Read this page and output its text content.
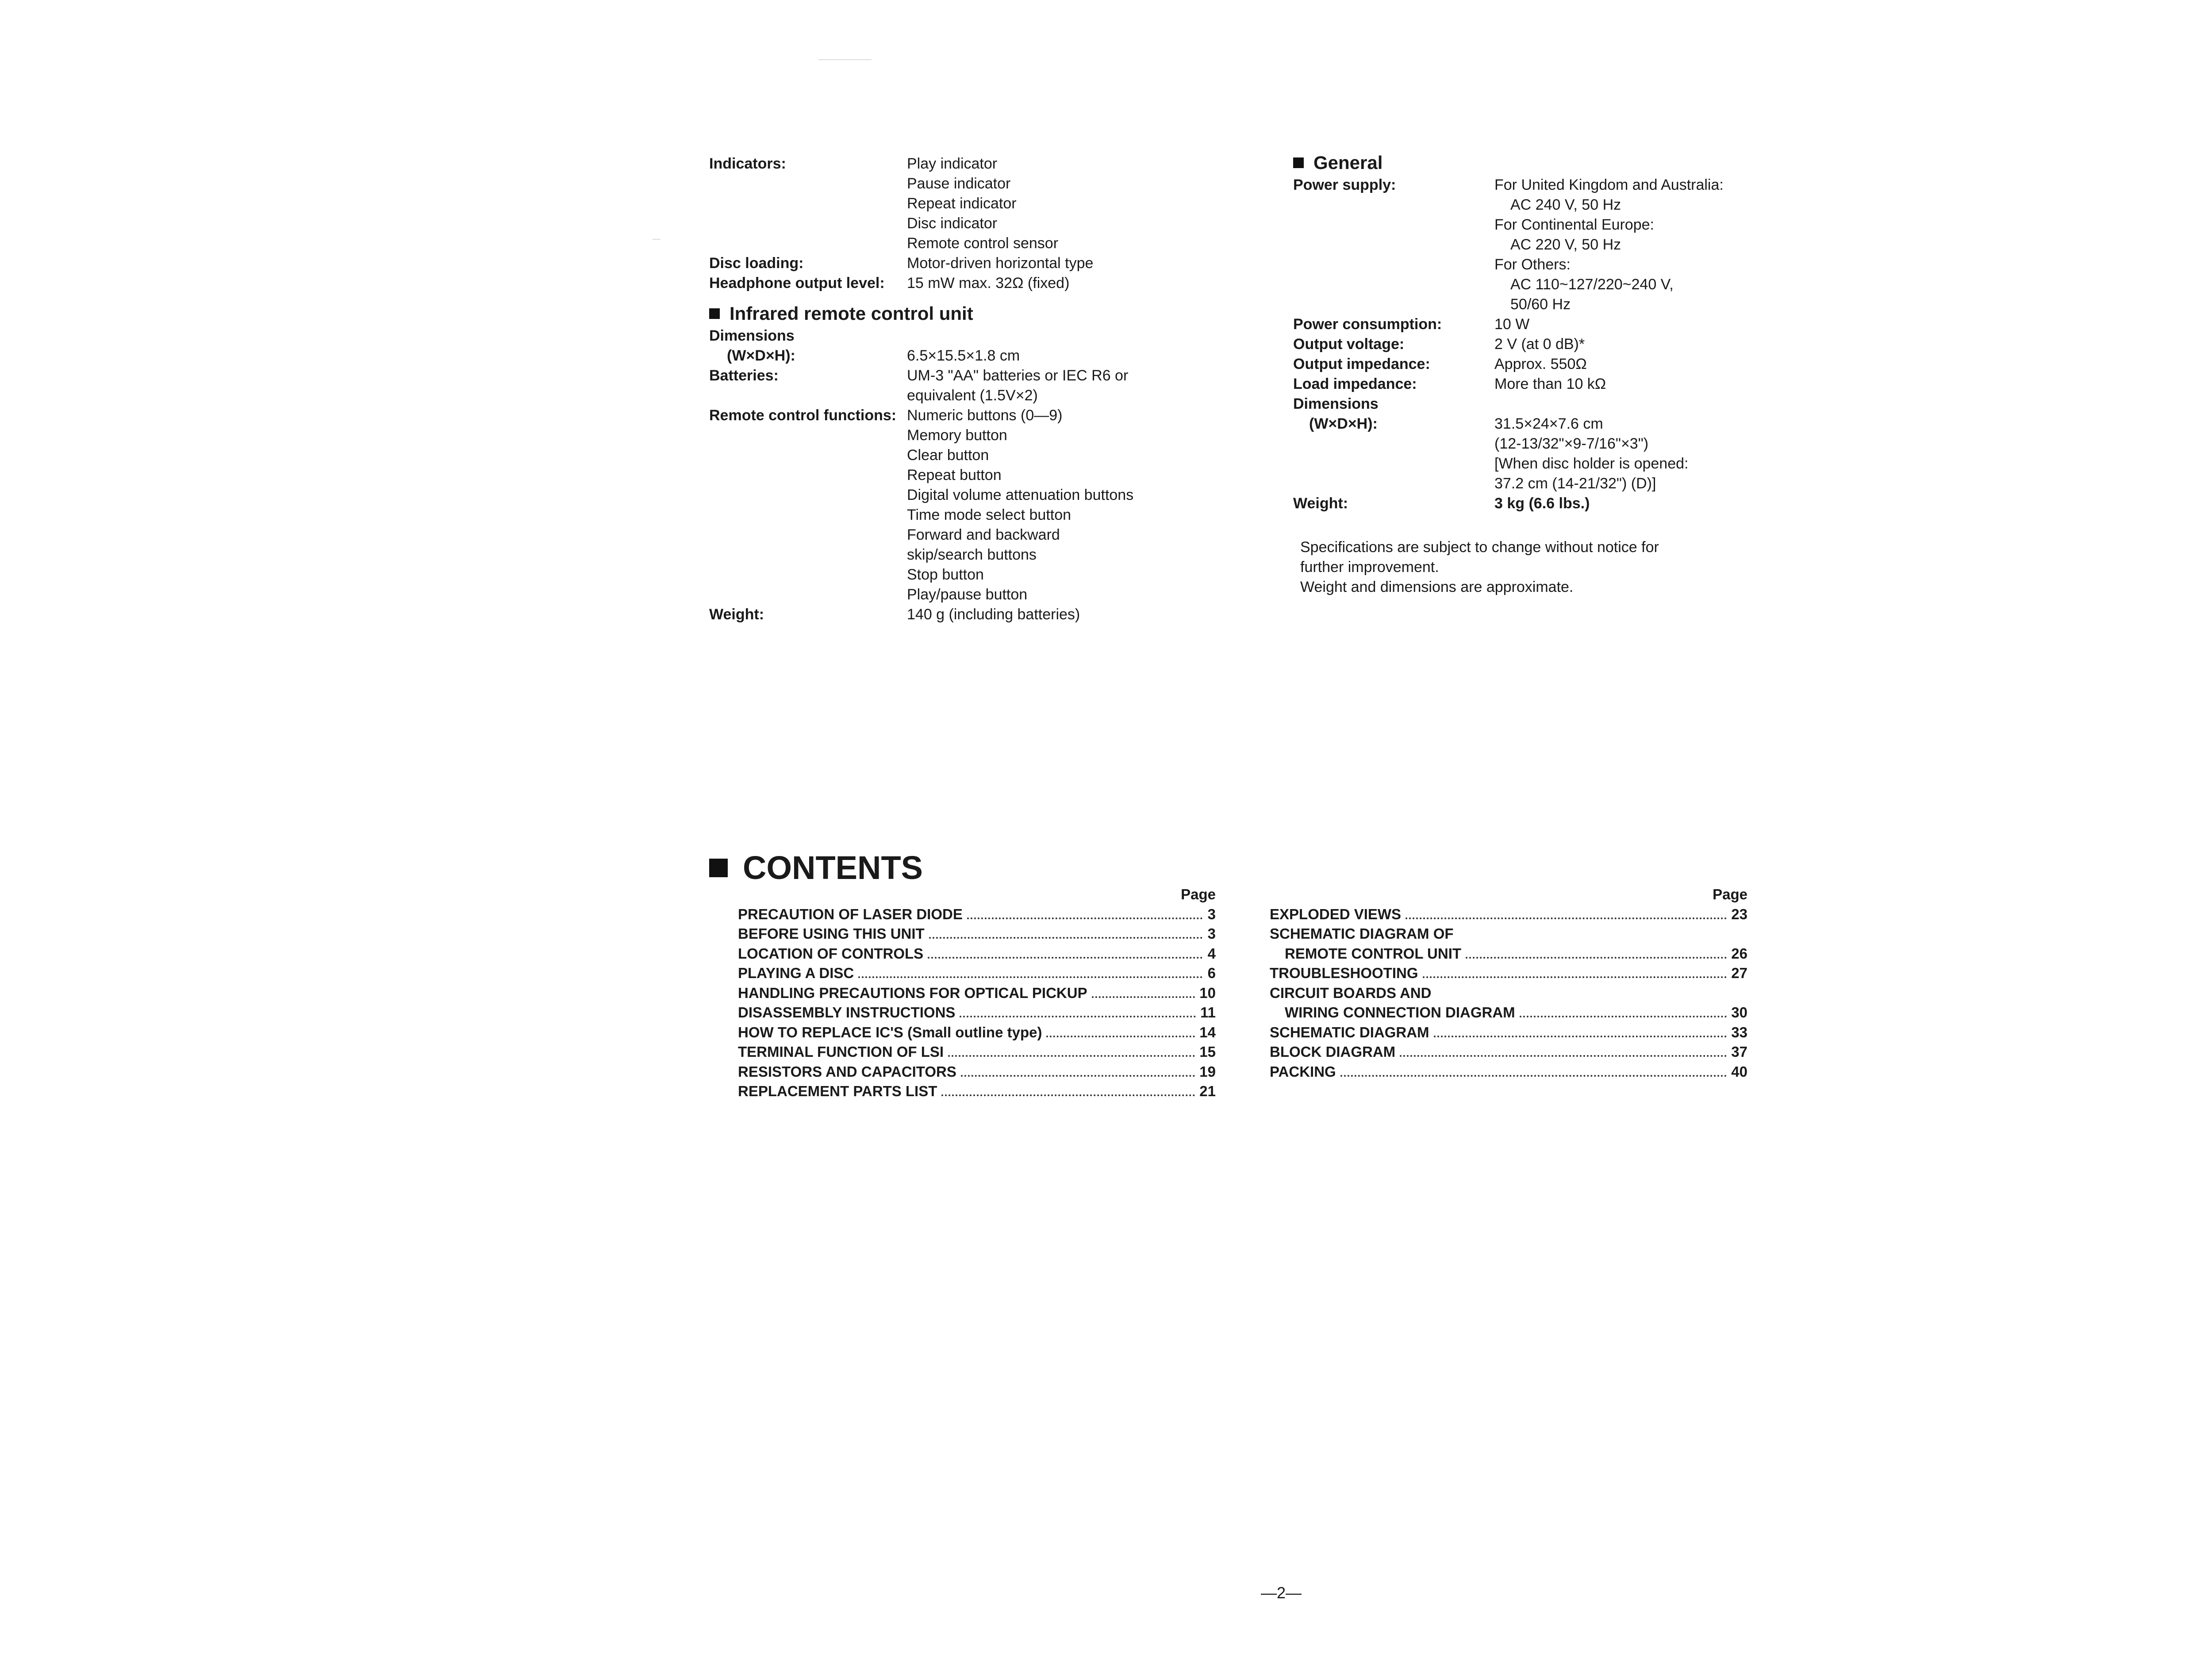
Indicators:	Play indicator
Pause indicator
Repeat indicator
Disc indicator
Remote control sensor
Disc loading:	Motor-driven horizontal type
Headphone output level:	15 mW max. 32Ω (fixed)
Infrared remote control unit
Dimensions
(W×D×H):	6.5×15.5×1.8 cm
Batteries:	UM-3 "AA" batteries or IEC R6 or
equivalent (1.5V×2)
Remote control functions: Numeric buttons (0—9)
Memory button
Clear button
Repeat button
Digital volume attenuation buttons
Time mode select button
Forward and backward
skip/search buttons
Stop button
Play/pause button
Weight:	140 g (including batteries)
General
Power supply:	For United Kingdom and Australia:
AC 240 V, 50 Hz
For Continental Europe:
AC 220 V, 50 Hz
For Others:
AC 110~127/220~240 V,
50/60 Hz
Power consumption:	10 W
Output voltage:	2 V (at 0 dB)*
Output impedance:	Approx. 550Ω
Load impedance:	More than 10 kΩ
Dimensions
(W×D×H):	31.5×24×7.6 cm
(12-13/32"×9-7/16"×3")
[When disc holder is opened:
37.2 cm (14-21/32") (D)]
Weight:	3 kg (6.6 lbs.)
Specifications are subject to change without notice for
further improvement.
Weight and dimensions are approximate.
CONTENTS
Page
PRECAUTION OF LASER DIODE	3
BEFORE USING THIS UNIT	3
LOCATION OF CONTROLS	4
PLAYING A DISC	6
HANDLING PRECAUTIONS FOR OPTICAL PICKUP	10
DISASSEMBLY INSTRUCTIONS	11
HOW TO REPLACE IC'S (Small outline type)	14
TERMINAL FUNCTION OF LSI	15
RESISTORS AND CAPACITORS	19
REPLACEMENT PARTS LIST	21
Page
EXPLODED VIEWS	23
SCHEMATIC DIAGRAM OF
REMOTE CONTROL UNIT	26
TROUBLESHOOTING	27
CIRCUIT BOARDS AND
WIRING CONNECTION DIAGRAM	30
SCHEMATIC DIAGRAM	33
BLOCK DIAGRAM	37
PACKING	40
—2—
